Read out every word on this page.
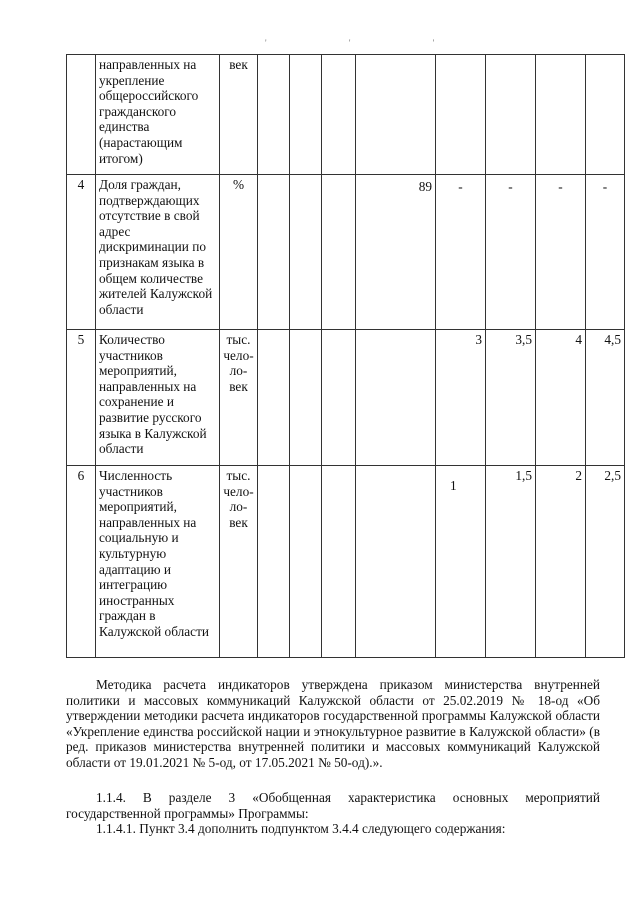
' ' '
	направленных на укрепление общероссийского гражданского единства (нарастающим итогом)	век								
4	Доля граждан, подтверждающих отсутствие в свой адрес дискриминации по признакам языка в общем количестве жителей Калужской области	%				89	-	-	-	-
5	Количество участников мероприятий, направленных на сохранение и развитие русского языка в Калужской области	тыс. чело-ло-век					3	3,5	4	4,5
6	Численность участников мероприятий, направленных на социальную и культурную адаптацию и интеграцию иностранных граждан в Калужской области	тыс. чело-ло-век					1	1,5	2	2,5

Методика расчета индикаторов утверждена приказом министерства внутренней политики и массовых коммуникаций Калужской области от 25.02.2019 № 18-од «Об утверждении методики расчета индикаторов государственной программы Калужской области «Укрепление единства российской нации и этнокультурное развитие в Калужской области» (в ред. приказов министерства внутренней политики и массовых коммуникаций Калужской области от 19.01.2021 № 5-од, от 17.05.2021 № 50-од).».

1.1.4. В разделе 3 «Обобщенная характеристика основных мероприятий государственной программы» Программы:

1.1.4.1. Пункт 3.4 дополнить подпунктом 3.4.4 следующего содержания:
